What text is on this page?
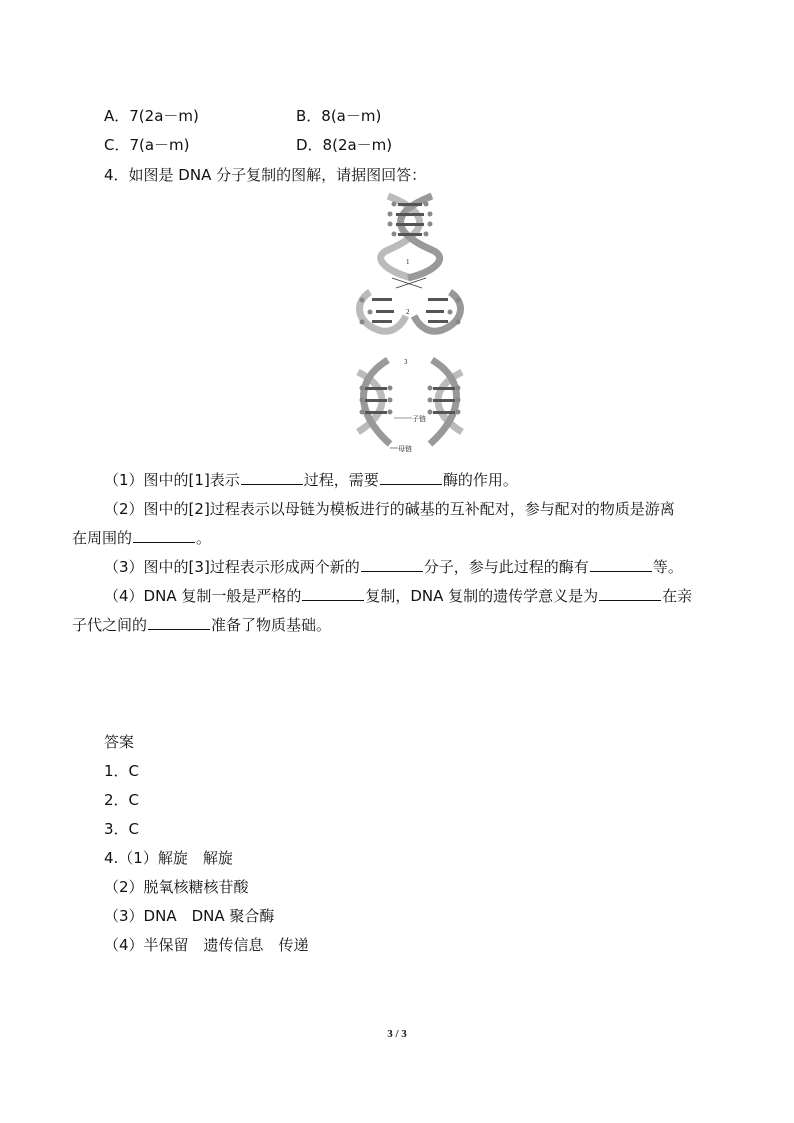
A．7(2a－m)	B．8(a－m)
C．7(a－m)	D．8(2a－m)
4．如图是 DNA 分子复制的图解，请据图回答：
1
2
3
子链
母链
（1）图中的[1]表示	过程，需要	酶的作用。
（2）图中的[2]过程表示以母链为模板进行的碱基的互补配对，参与配对的物质是游离
在周围的	。
（3）图中的[3]过程表示形成两个新的	分子，参与此过程的酶有	等。
（4）DNA 复制一般是严格的	复制，DNA 复制的遗传学意义是为	在亲
子代之间的	准备了物质基础。
答案
1．C
2．C
3．C
4.（1）解旋　解旋
（2）脱氧核糖核苷酸
（3）DNA　DNA 聚合酶
（4）半保留　遗传信息　传递
3 / 3
